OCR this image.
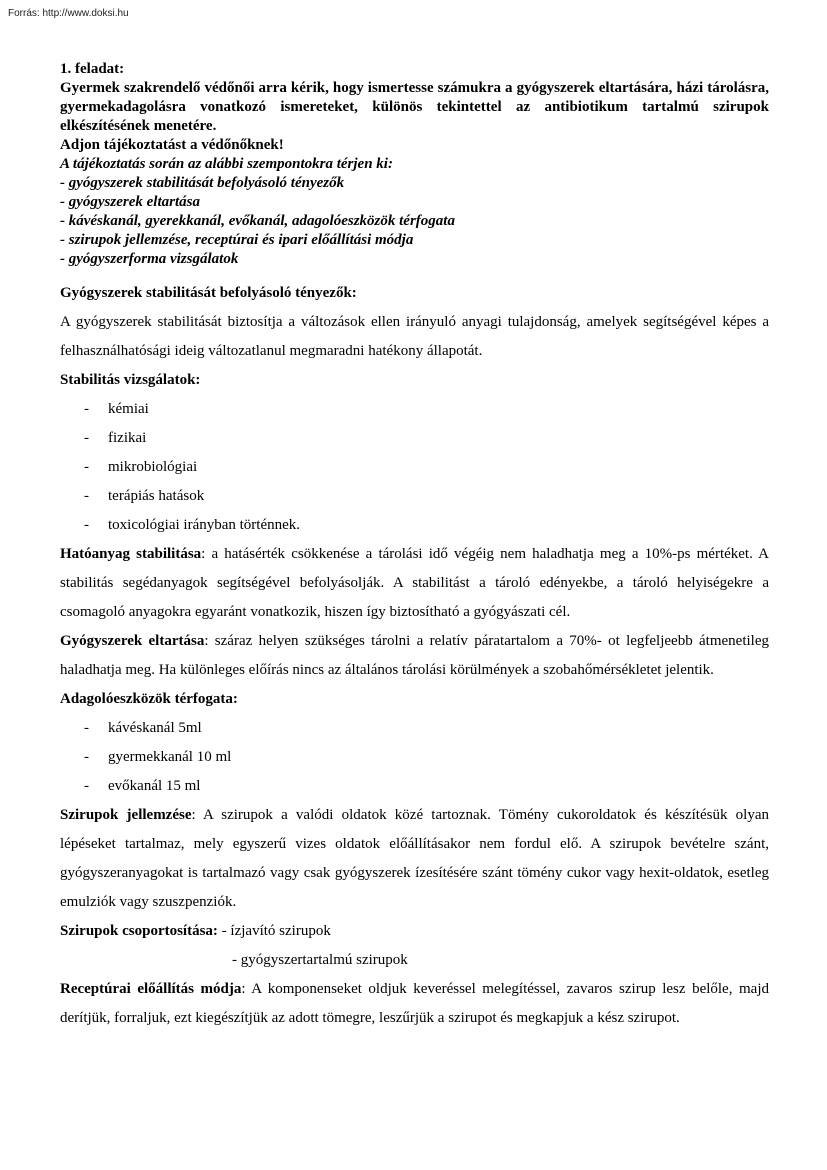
Forrás: http://www.doksi.hu

1. feladat:

Gyermek szakrendelő védőnői arra kérik, hogy ismertesse számukra a gyógyszerek eltartására, házi tárolásra, gyermekadagolásra vonatkozó ismereteket, különös tekintettel az antibiotikum tartalmú szirupok elkészítésének menetére.

Adjon tájékoztatást a védőnőknek!

A tájékoztatás során az alábbi szempontokra térjen ki:

- gyógyszerek stabilitását befolyásoló tényezők

- gyógyszerek eltartása

- kávéskanál, gyerekkanál, evőkanál, adagolóeszközök térfogata

- szirupok jellemzése, receptúrai és ipari előállítási módja

- gyógyszerforma vizsgálatok

Gyógyszerek stabilitását befolyásoló tényezők:

A gyógyszerek stabilitását biztosítja a változások ellen irányuló anyagi tulajdonság, amelyek segítségével képes a felhasználhatósági ideig változatlanul megmaradni hatékony állapotát.

Stabilitás vizsgálatok:

- kémiai
- fizikai
- mikrobiológiai
- terápiás hatások
- toxicológiai irányban történnek.

Hatóanyag stabilitása: a hatásérték csökkenése a tárolási idő végéig nem haladhatja meg a 10%-ps mértéket. A stabilitás segédanyagok segítségével befolyásolják. A stabilitást a tároló edényekbe, a tároló helyiségekre a csomagoló anyagokra egyaránt vonatkozik, hiszen így biztosítható a gyógyászati cél.

Gyógyszerek eltartása: száraz helyen szükséges tárolni a relatív páratartalom a 70%- ot legfeljeebb átmenetileg haladhatja meg. Ha különleges előírás nincs az általános tárolási körülmények a szobahőmérsékletet jelentik.

Adagolóeszközök térfogata:

- kávéskanál 5ml
- gyermekkanál 10 ml
- evőkanál 15 ml

Szirupok jellemzése: A szirupok a valódi oldatok közé tartoznak. Tömény cukoroldatok és készítésük olyan lépéseket tartalmaz, mely egyszerű vizes oldatok előállításakor nem fordul elő. A szirupok bevételre szánt, gyógyszeranyagokat is tartalmazó vagy csak gyógyszerek ízesítésére szánt tömény cukor vagy hexit-oldatok, esetleg emulziók vagy szuszpenziók.

Szirupok csoportosítása: - ízjavító szirupok

- gyógyszertartalmú szirupok

Receptúrai előállítás módja: A komponenseket oldjuk keveréssel melegítéssel, zavaros szirup lesz belőle, majd derítjük, forraljuk, ezt kiegészítjük az adott tömegre, leszűrjük a szirupot és megkapjuk a kész szirupot.
